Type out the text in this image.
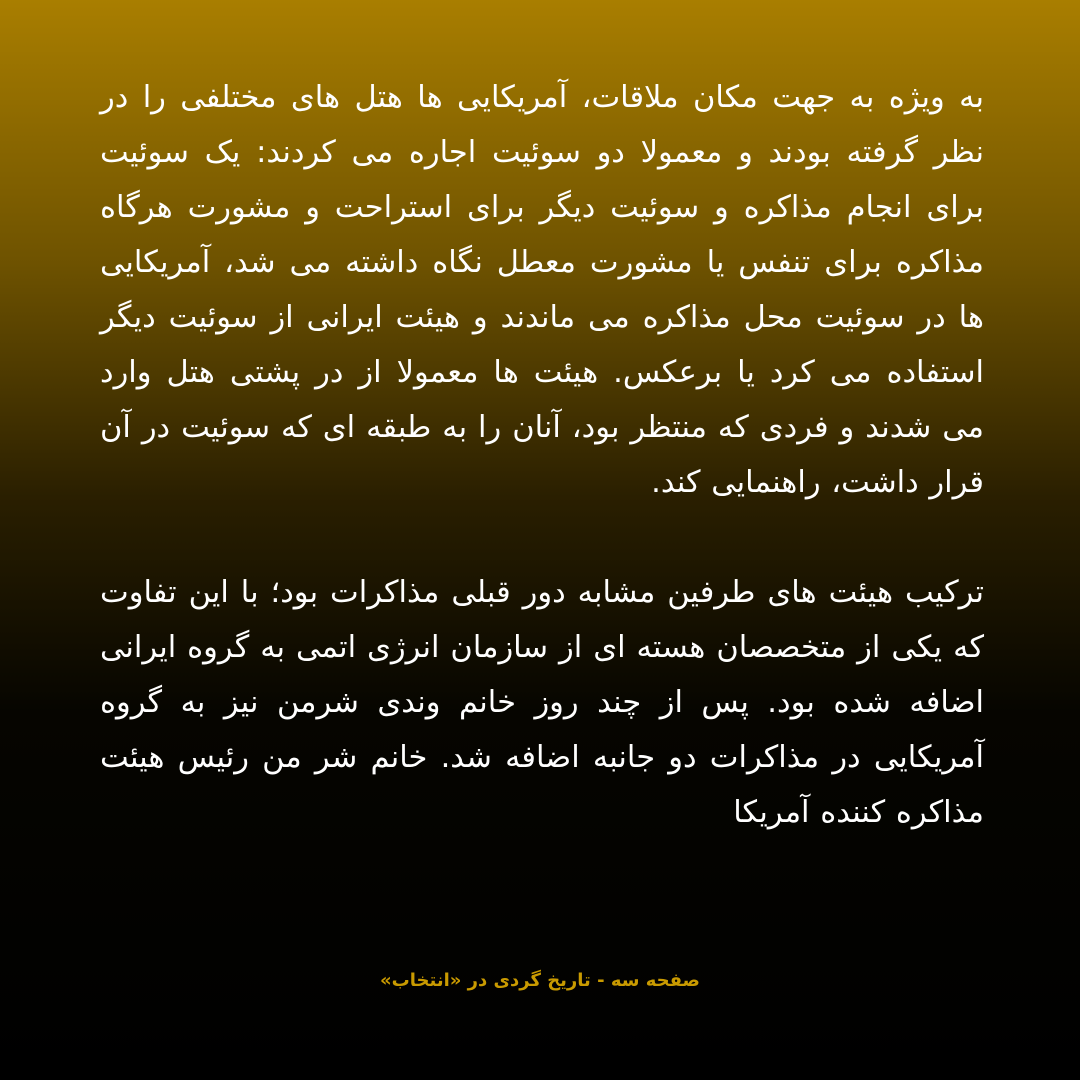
به ویژه به جهت مکان ملاقات، آمریکایی ها هتل های مختلفی را در نظر گرفته بودند و معمولا دو سوئیت اجاره می کردند: یک سوئیت برای انجام مذاکره و سوئیت دیگر برای استراحت و مشورت هرگاه مذاکره برای تنفس یا مشورت معطل نگاه داشته می شد، آمریکایی ها در سوئیت محل مذاکره می ماندند و هیئت ایرانی از سوئیت دیگر استفاده می کرد یا برعکس. هیئت ها معمولا از در پشتی هتل وارد می شدند و فردی که منتظر بود، آنان را به طبقه ای که سوئیت در آن قرار داشت، راهنمایی کند.

ترکیب هیئت های طرفین مشابه دور قبلی مذاکرات بود؛ با این تفاوت که یکی از متخصصان هسته ای از سازمان انرژی اتمی به گروه ایرانی اضافه شده بود. پس از چند روز خانم وندی شرمن نیز به گروه آمریکایی در مذاکرات دو جانبه اضافه شد. خانم شر من رئیس هیئت مذاکره کننده آمریکا

صفحه سه - تاریخ گردی در «انتخاب»
